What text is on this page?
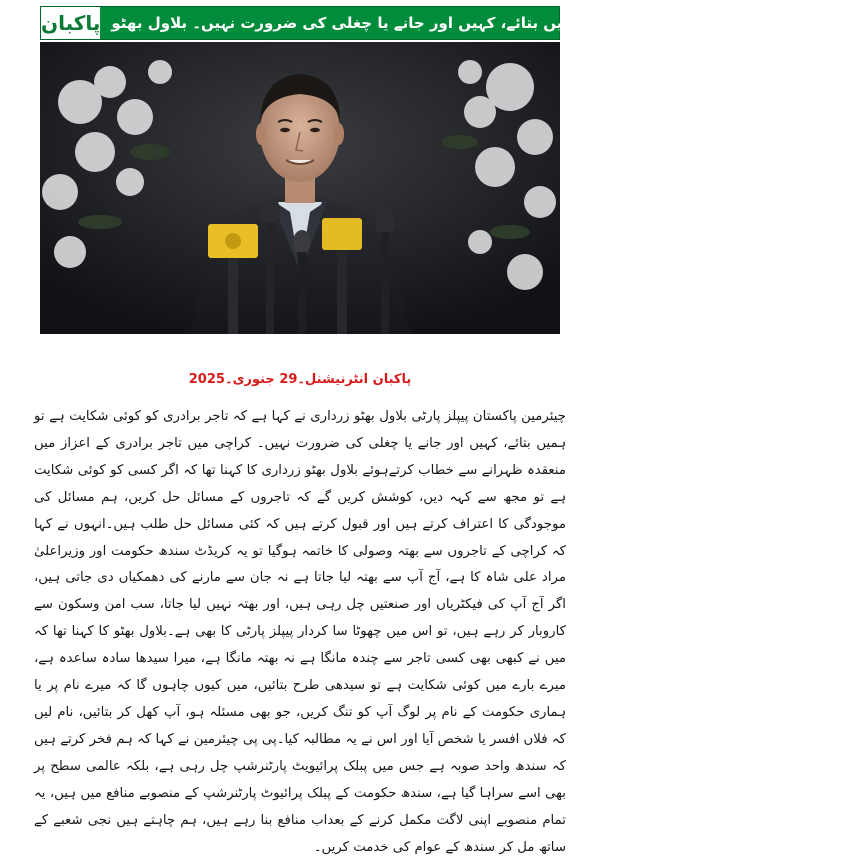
پاکبان تاجر برادری کو کوئی شکایت ہے تو ہمیں بتائے، کہیں اور جانے یا چغلی کی ضرورت نہیں۔ بلاول بھٹو
پاکبان انٹرنیشنل۔29 جنوری۔2025

چیئرمین پاکستان پیپلز پارٹی بلاول بھٹو زرداری نے کہا ہے کہ تاجر برادری کو کوئی شکایت ہے تو ہمیں بتائے، کہیں اور جانے یا چغلی کی ضرورت نہیں۔ کراچی میں تاجر برادری کے اعزاز میں منعقدہ ظہرانے سے خطاب کرتےہوئے بلاول بھٹو زرداری کا کہنا تھا کہ اگر کسی کو کوئی شکایت ہے تو مجھ سے کہہ دیں، کوشش کریں گے کہ تاجروں کے مسائل حل کریں، ہم مسائل کی موجودگی کا اعتراف کرتے ہیں اور قبول کرتے ہیں کہ کئی مسائل حل طلب ہیں۔انہوں نے کہا کہ کراچی کے تاجروں سے بھتہ وصولی کا خاتمہ ہوگیا تو یہ کریڈٹ سندھ حکومت اور وزیراعلیٰ مراد علی شاہ کا ہے، آج آپ سے بھتہ لیا جاتا ہے نہ جان سے مارنے کی دھمکیاں دی جاتی ہیں، اگر آج آپ کی فیکٹریاں اور صنعتیں چل رہی ہیں، اور بھتہ نہیں لیا جاتا، سب امن وسکون سے کاروبار کر رہے ہیں، تو اس میں چھوٹا سا کردار پیپلز پارٹی کا بھی ہے۔بلاول بھٹو کا کہنا تھا کہ میں نے کبھی بھی کسی تاجر سے چندہ مانگا ہے نہ بھتہ مانگا ہے، میرا سیدھا سادہ ساعدہ ہے، میرے بارے میں کوئی شکایت ہے تو سیدھی طرح بتائیں، میں کیوں چاہوں گا کہ میرے نام پر یا ہماری حکومت کے نام پر لوگ آپ کو تنگ کریں، جو بھی مسئلہ ہو، آپ کھل کر بتائیں، نام لیں کہ فلاں افسر یا شخص آیا اور اس نے یہ مطالبہ کیا۔پی پی چیئرمین نے کہا کہ ہم فخر کرتے ہیں کہ سندھ واحد صوبہ ہے جس میں پبلک پرائیویٹ پارٹنرشپ چل رہی ہے، بلکہ عالمی سطح پر بھی اسے سراہا گیا ہے، سندھ حکومت کے پبلک پرائیوٹ پارٹنرشپ کے منصوبے منافع میں ہیں، یہ تمام منصوبے اپنی لاگت مکمل کرنے کے بعداب منافع بنا رہے ہیں، ہم چاہتے ہیں نجی شعبے کے ساتھ مل کر سندھ کے عوام کی خدمت کریں۔
